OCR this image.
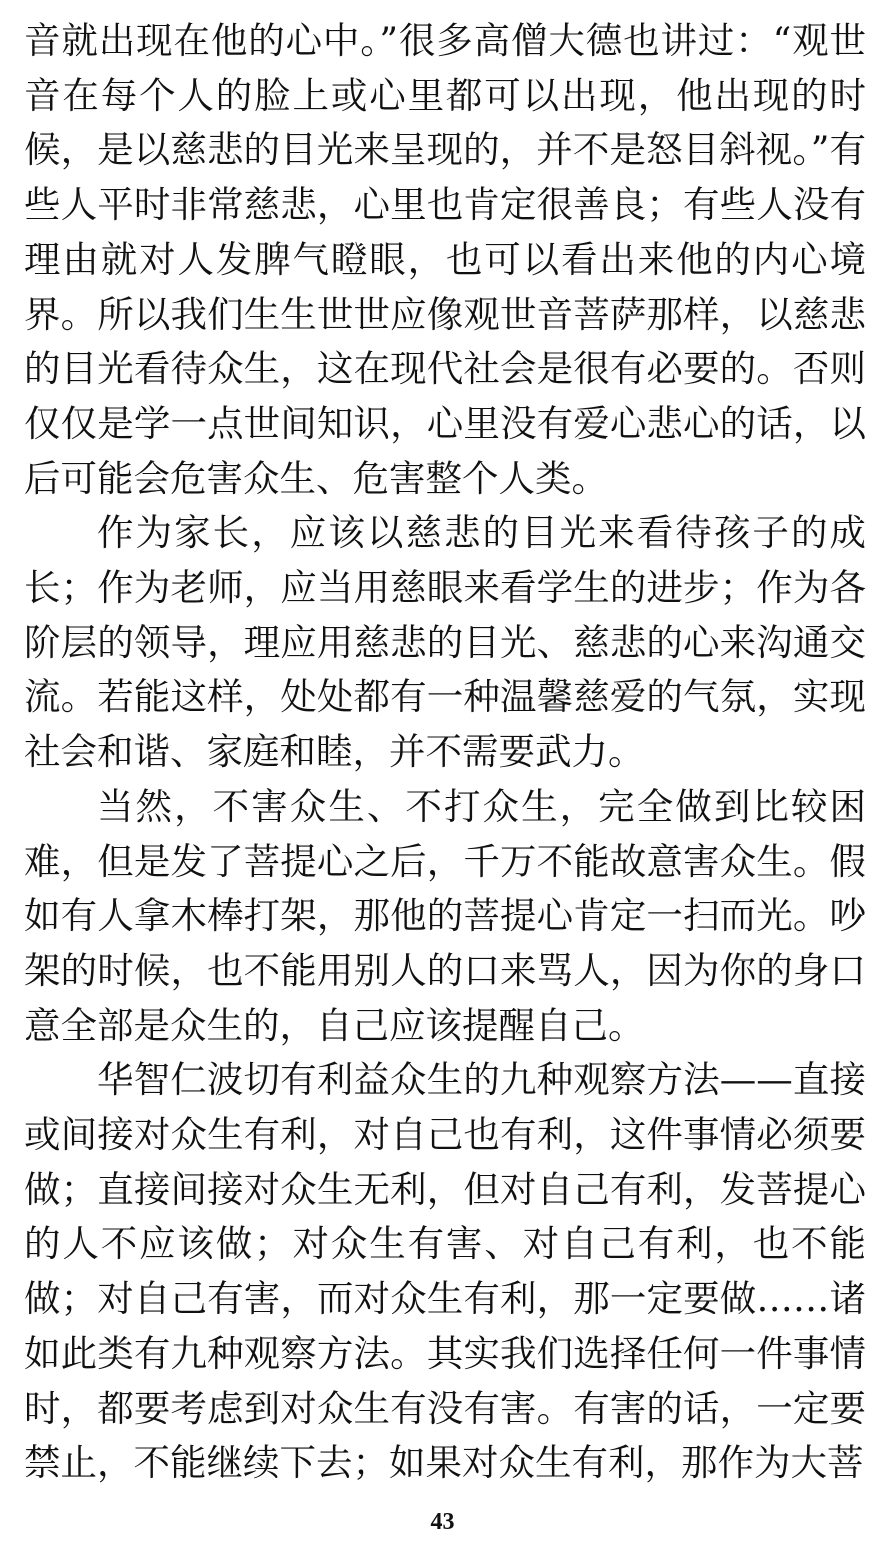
音就出现在他的心中。”很多高僧大德也讲过：“观世音在每个人的脸上或心里都可以出现，他出现的时候，是以慈悲的目光来呈现的，并不是怒目斜视。”有些人平时非常慈悲，心里也肯定很善良；有些人没有理由就对人发脾气瞪眼，也可以看出来他的内心境界。所以我们生生世世应像观世音菩萨那样，以慈悲的目光看待众生，这在现代社会是很有必要的。否则仅仅是学一点世间知识，心里没有爱心悲心的话，以后可能会危害众生、危害整个人类。

作为家长，应该以慈悲的目光来看待孩子的成长；作为老师，应当用慈眼来看学生的进步；作为各阶层的领导，理应用慈悲的目光、慈悲的心来沟通交流。若能这样，处处都有一种温馨慈爱的气氛，实现社会和谐、家庭和睦，并不需要武力。

当然，不害众生、不打众生，完全做到比较困难，但是发了菩提心之后，千万不能故意害众生。假如有人拿木棒打架，那他的菩提心肯定一扫而光。吵架的时候，也不能用别人的口来骂人，因为你的身口意全部是众生的，自己应该提醒自己。

华智仁波切有利益众生的九种观察方法——直接或间接对众生有利，对自己也有利，这件事情必须要做；直接间接对众生无利，但对自己有利，发菩提心的人不应该做；对众生有害、对自己有利，也不能做；对自己有害，而对众生有利，那一定要做……诸如此类有九种观察方法。其实我们选择任何一件事情时，都要考虑到对众生有没有害。有害的话，一定要禁止，不能继续下去；如果对众生有利，那作为大菩

43
